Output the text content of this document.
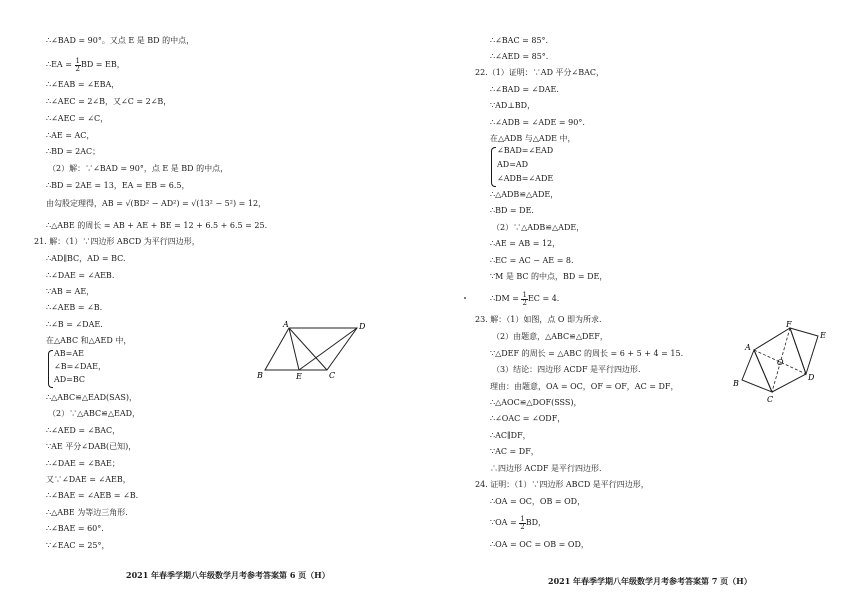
∴∠BAD = 90°。又点 E 是 BD 的中点，
∴EA = $\frac{1}{2}$ BD = EB，
∴∠EAB = ∠EBA，
∴∠AEC = 2∠B，又∠C = 2∠B，
∴∠AEC = ∠C，
∴AE = AC，
∴BD = 2AC；
（2）解：∵∠BAD = 90°，点 E 是 BD 的中点，
∴BD = 2AE = 13，EA = EB = 6.5，
由勾股定理得，AB = √(BD² − AD²) = √(13² − 5²) = 12，
∴△ABE 的周长 = AB + AE + BE = 12 + 6.5 + 6.5 = 25.
21. 解：（1）∵四边形 ABCD 为平行四边形，
∴AD∥BC，AD = BC.
∴∠DAE = ∠AEB.
∵AB = AE，
∴∠AEB = ∠B.
∴∠B = ∠DAE.
在△ABC 和△AED 中，
AB=AE
∠B=∠DAE，
AD=BC
∴△ABC≌△EAD(SAS)，
（2）∵△ABC≌△EAD，
∴∠AED = ∠BAC，
∵AE 平分∠DAB(已知)，
∴∠DAE = ∠BAE；
又∵∠DAE = ∠AEB，
∴∠BAE = ∠AEB = ∠B.
∴△ABE 为等边三角形.
∴∠BAE = 60°.
∵∠EAC = 25°，
A	D
B	E	C
2021 年春季学期八年级数学月考参考答案第 6 页（H）
∴∠BAC = 85°.
∴∠AED = 85°.
22.（1）证明：∵AD 平分∠BAC，
∴∠BAD = ∠DAE.
∵AD⊥BD，
∴∠ADB = ∠ADE = 90°.
在△ADB 与△ADE 中，
∠BAD=∠EAD
AD=AD
∠ADB=∠ADE
∴△ADB≌△ADE，
∴BD = DE.
（2）∵△ADB≌△ADE，
∴AE = AB = 12，
∴EC = AC − AE = 8.
∵M 是 BC 的中点，BD = DE，
∴DM = $\frac{1}{2}$ EC = 4.
23. 解：（1）如图，点 O 即为所求.
（2）由题意，△ABC≌△DEF，
∵△DEF 的周长 = △ABC 的周长 = 6 + 5 + 4 = 15.
（3）结论：四边形 ACDF 是平行四边形.
理由：由题意，OA = OC，OF = OF，AC = DF，
∴△AOC≌△DOF(SSS)，
∴∠OAC = ∠ODF，
∴AC∥DF，
∵AC = DF，
∴四边形 ACDF 是平行四边形.
24. 证明：（1）∵四边形 ABCD 是平行四边形，
∴OA = OC，OB = OD，
∵OA = $\frac{1}{2}$ BD，
∴OA = OC = OB = OD，
F
E
A
O
D
B
C
2021 年春季学期八年级数学月考参考答案第 7 页（H）
